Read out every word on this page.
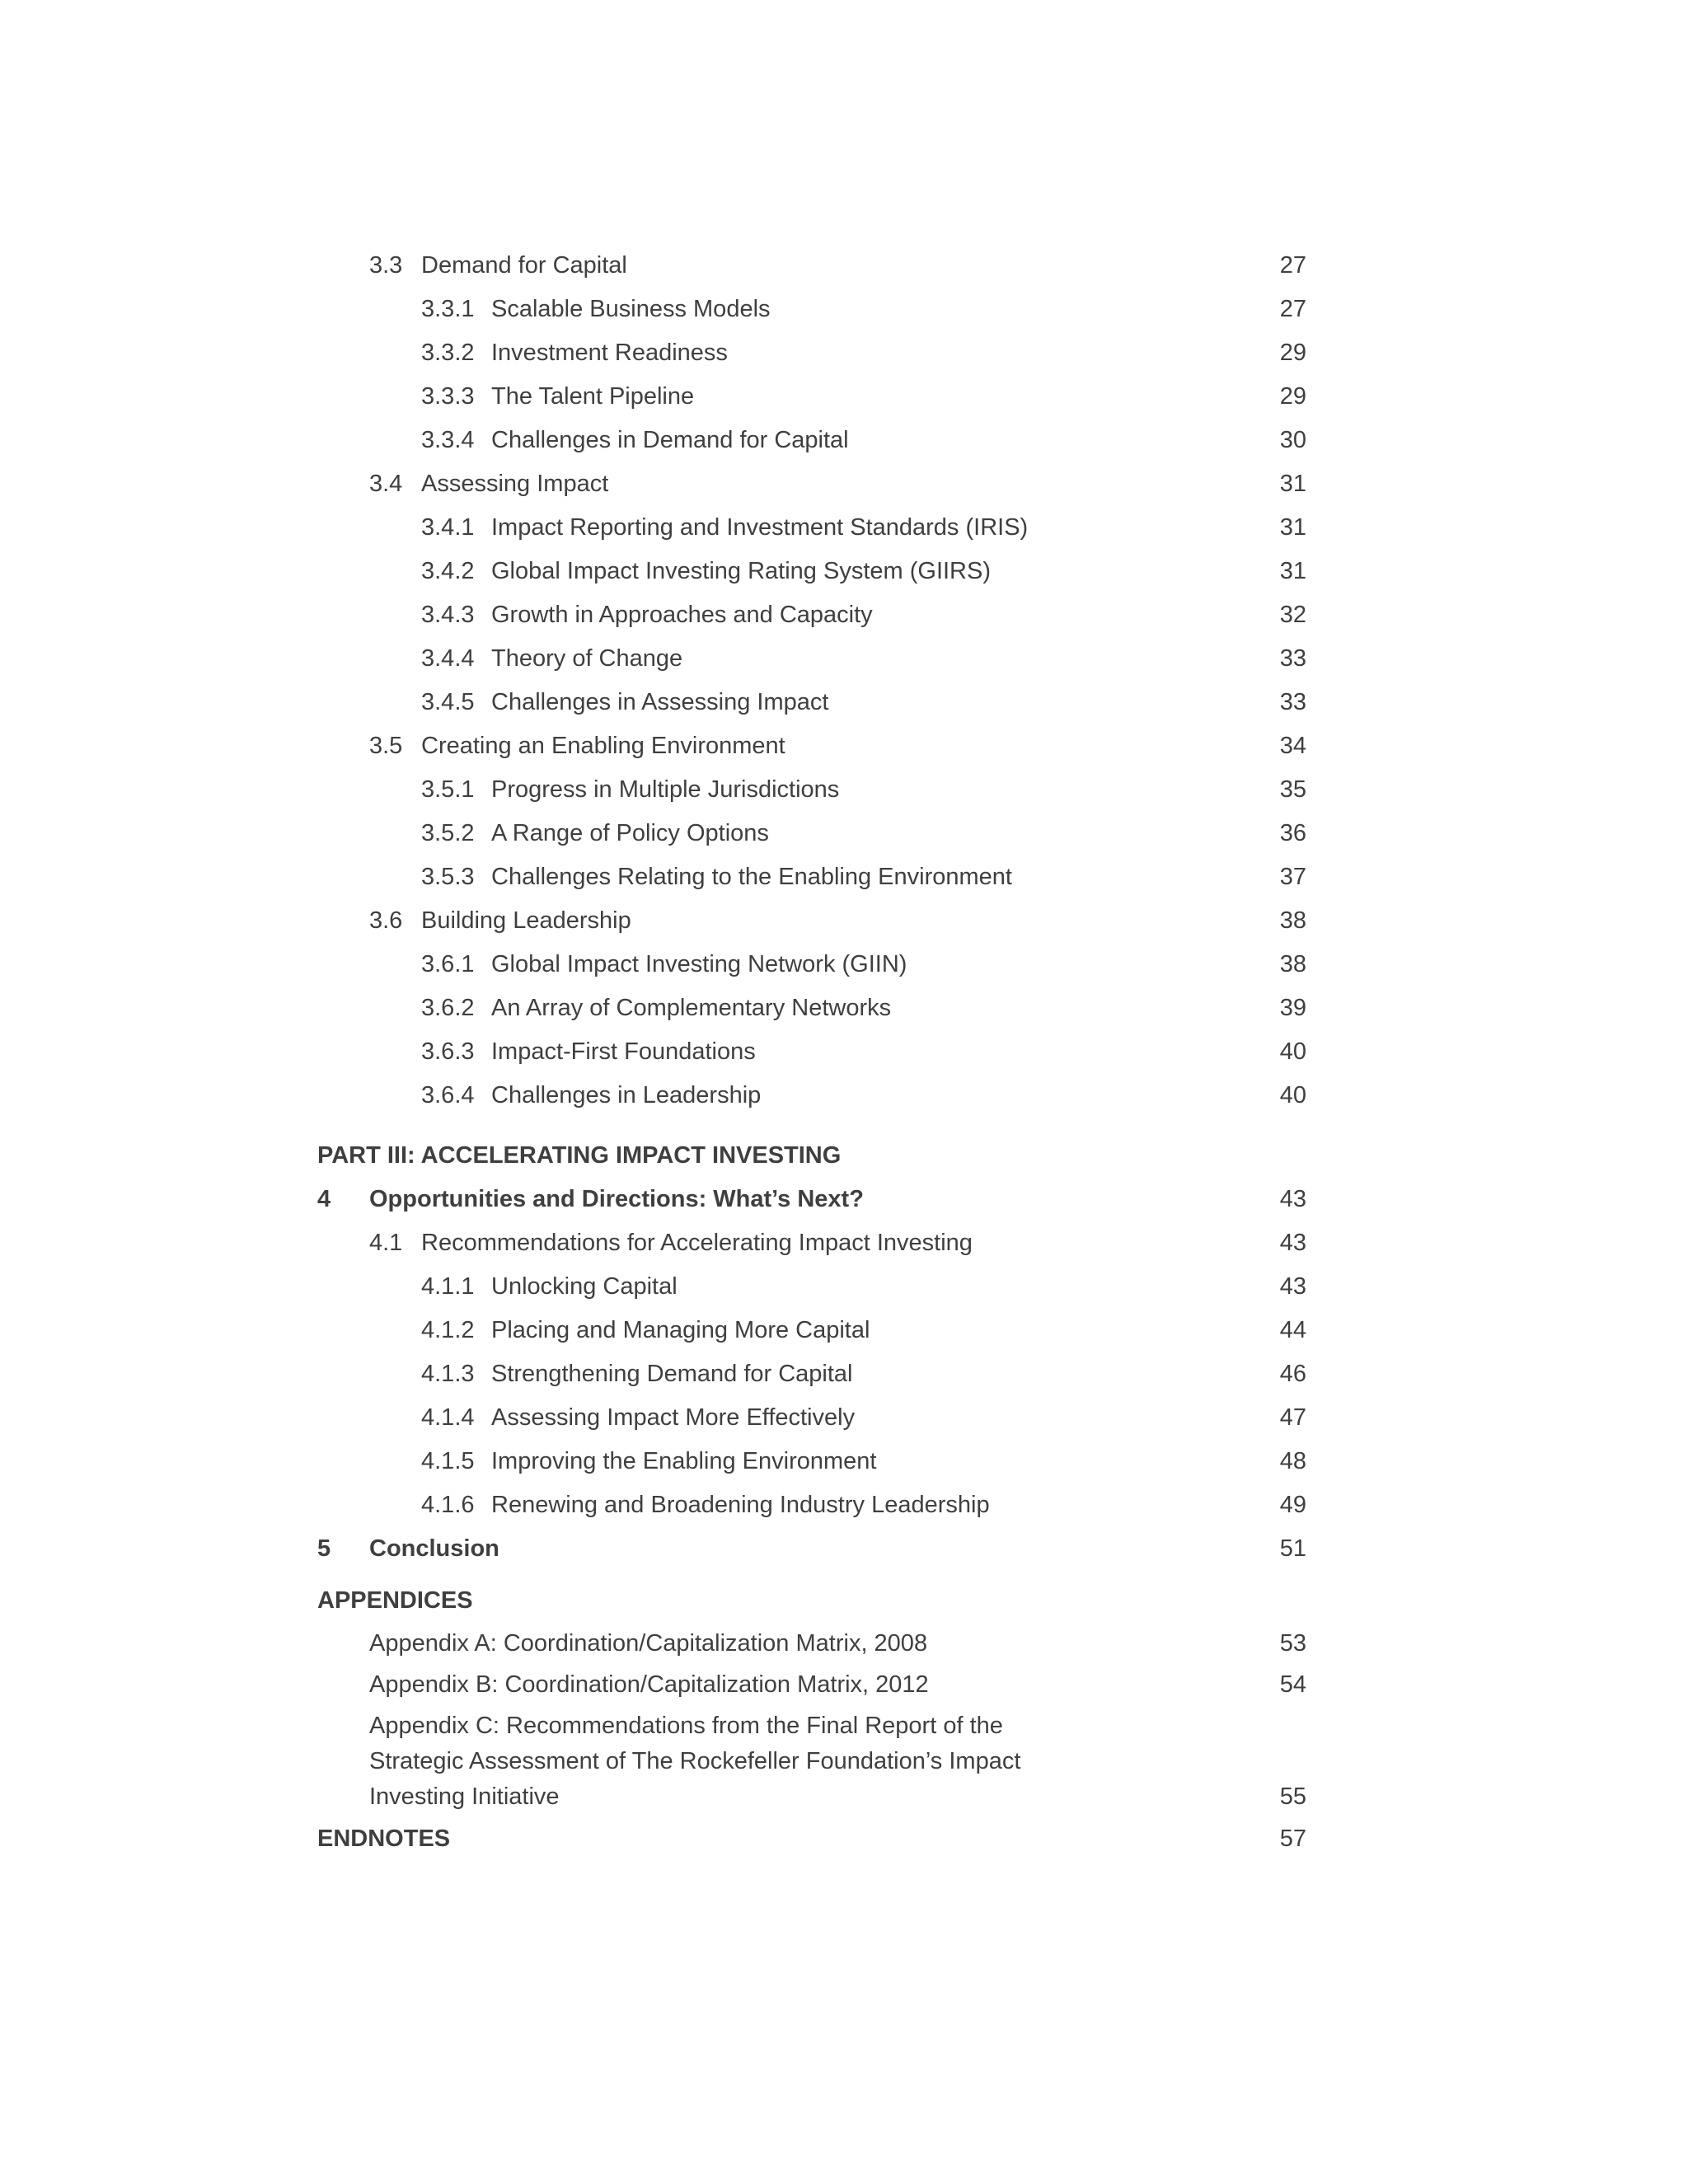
3.3 Demand for Capital	27
3.3.1 Scalable Business Models	27
3.3.2 Investment Readiness	29
3.3.3 The Talent Pipeline	29
3.3.4 Challenges in Demand for Capital	30
3.4 Assessing Impact	31
3.4.1 Impact Reporting and Investment Standards (IRIS)	31
3.4.2 Global Impact Investing Rating System (GIIRS)	31
3.4.3 Growth in Approaches and Capacity	32
3.4.4 Theory of Change	33
3.4.5 Challenges in Assessing Impact	33
3.5 Creating an Enabling Environment	34
3.5.1 Progress in Multiple Jurisdictions	35
3.5.2 A Range of Policy Options	36
3.5.3 Challenges Relating to the Enabling Environment	37
3.6 Building Leadership	38
3.6.1 Global Impact Investing Network (GIIN)	38
3.6.2 An Array of Complementary Networks	39
3.6.3 Impact-First Foundations	40
3.6.4 Challenges in Leadership	40
PART III: ACCELERATING IMPACT INVESTING
4 Opportunities and Directions: What’s Next?	43
4.1 Recommendations for Accelerating Impact Investing	43
4.1.1 Unlocking Capital	43
4.1.2 Placing and Managing More Capital	44
4.1.3 Strengthening Demand for Capital	46
4.1.4 Assessing Impact More Effectively	47
4.1.5 Improving the Enabling Environment	48
4.1.6 Renewing and Broadening Industry Leadership	49
5 Conclusion	51
APPENDICES
Appendix A: Coordination/Capitalization Matrix, 2008	53
Appendix B: Coordination/Capitalization Matrix, 2012	54
Appendix C: Recommendations from the Final Report of the Strategic Assessment of The Rockefeller Foundation’s Impact Investing Initiative	55
ENDNOTES	57
